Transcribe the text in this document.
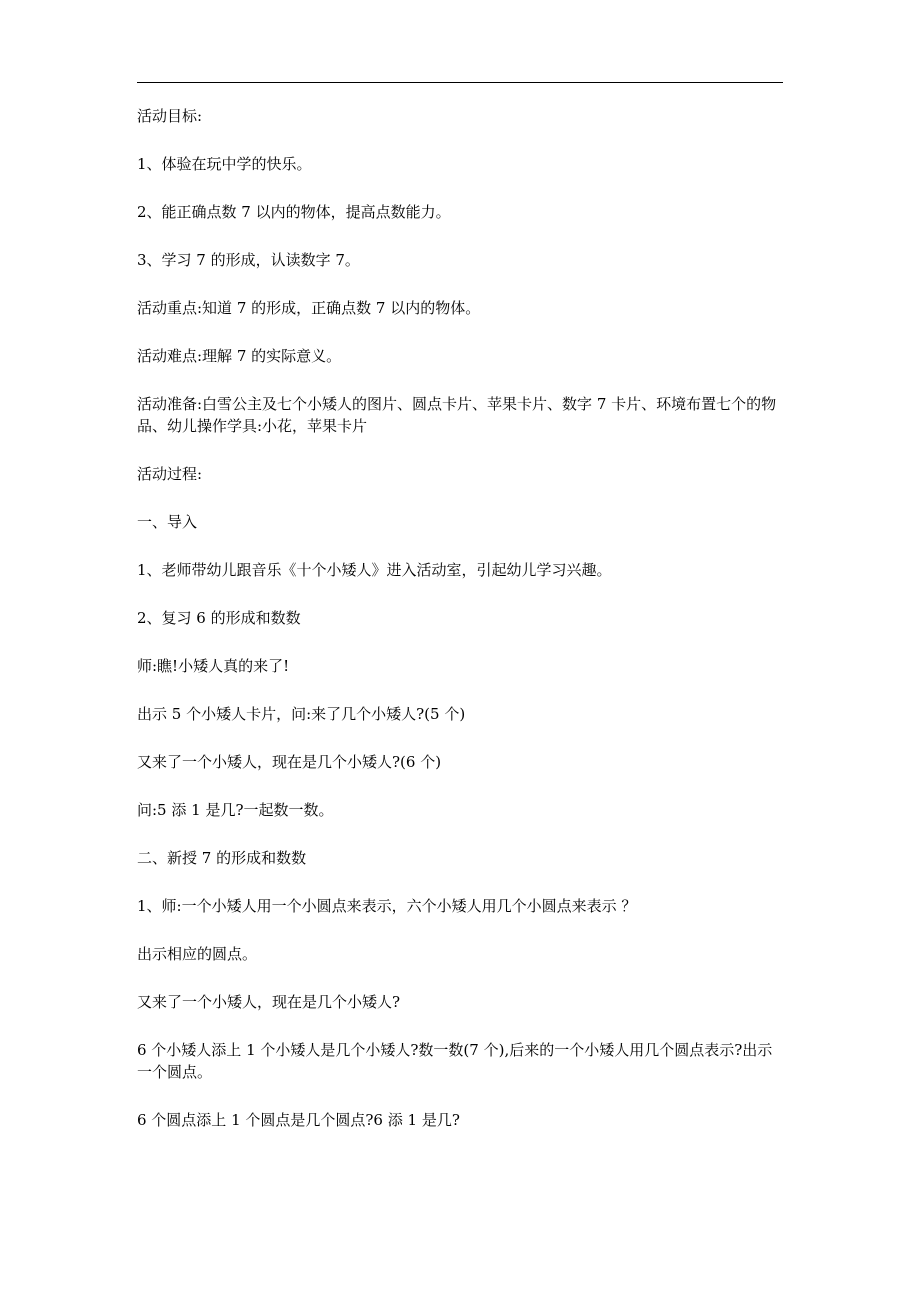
活动目标:

1、体验在玩中学的快乐。

2、能正确点数 7 以内的物体，提高点数能力。

3、学习 7 的形成，认读数字 7。

活动重点:知道 7 的形成，正确点数 7 以内的物体。

活动难点:理解 7 的实际意义。

活动准备:白雪公主及七个小矮人的图片、圆点卡片、苹果卡片、数字 7 卡片、环境布置七个的物品、幼儿操作学具:小花，苹果卡片

活动过程:

一、导入

1、老师带幼儿跟音乐《十个小矮人》进入活动室，引起幼儿学习兴趣。

2、复习 6 的形成和数数

师:瞧!小矮人真的来了!

出示 5 个小矮人卡片，问:来了几个小矮人?(5 个)

又来了一个小矮人，现在是几个小矮人?(6 个)

问:5 添 1 是几?一起数一数。

二、新授 7 的形成和数数

1、师:一个小矮人用一个小圆点来表示，六个小矮人用几个小圆点来表示 ？

出示相应的圆点。

又来了一个小矮人，现在是几个小矮人?

6 个小矮人添上 1 个小矮人是几个小矮人?数一数(7 个),后来的一个小矮人用几个圆点表示?出示一个圆点。

6 个圆点添上 1 个圆点是几个圆点?6 添 1 是几?
